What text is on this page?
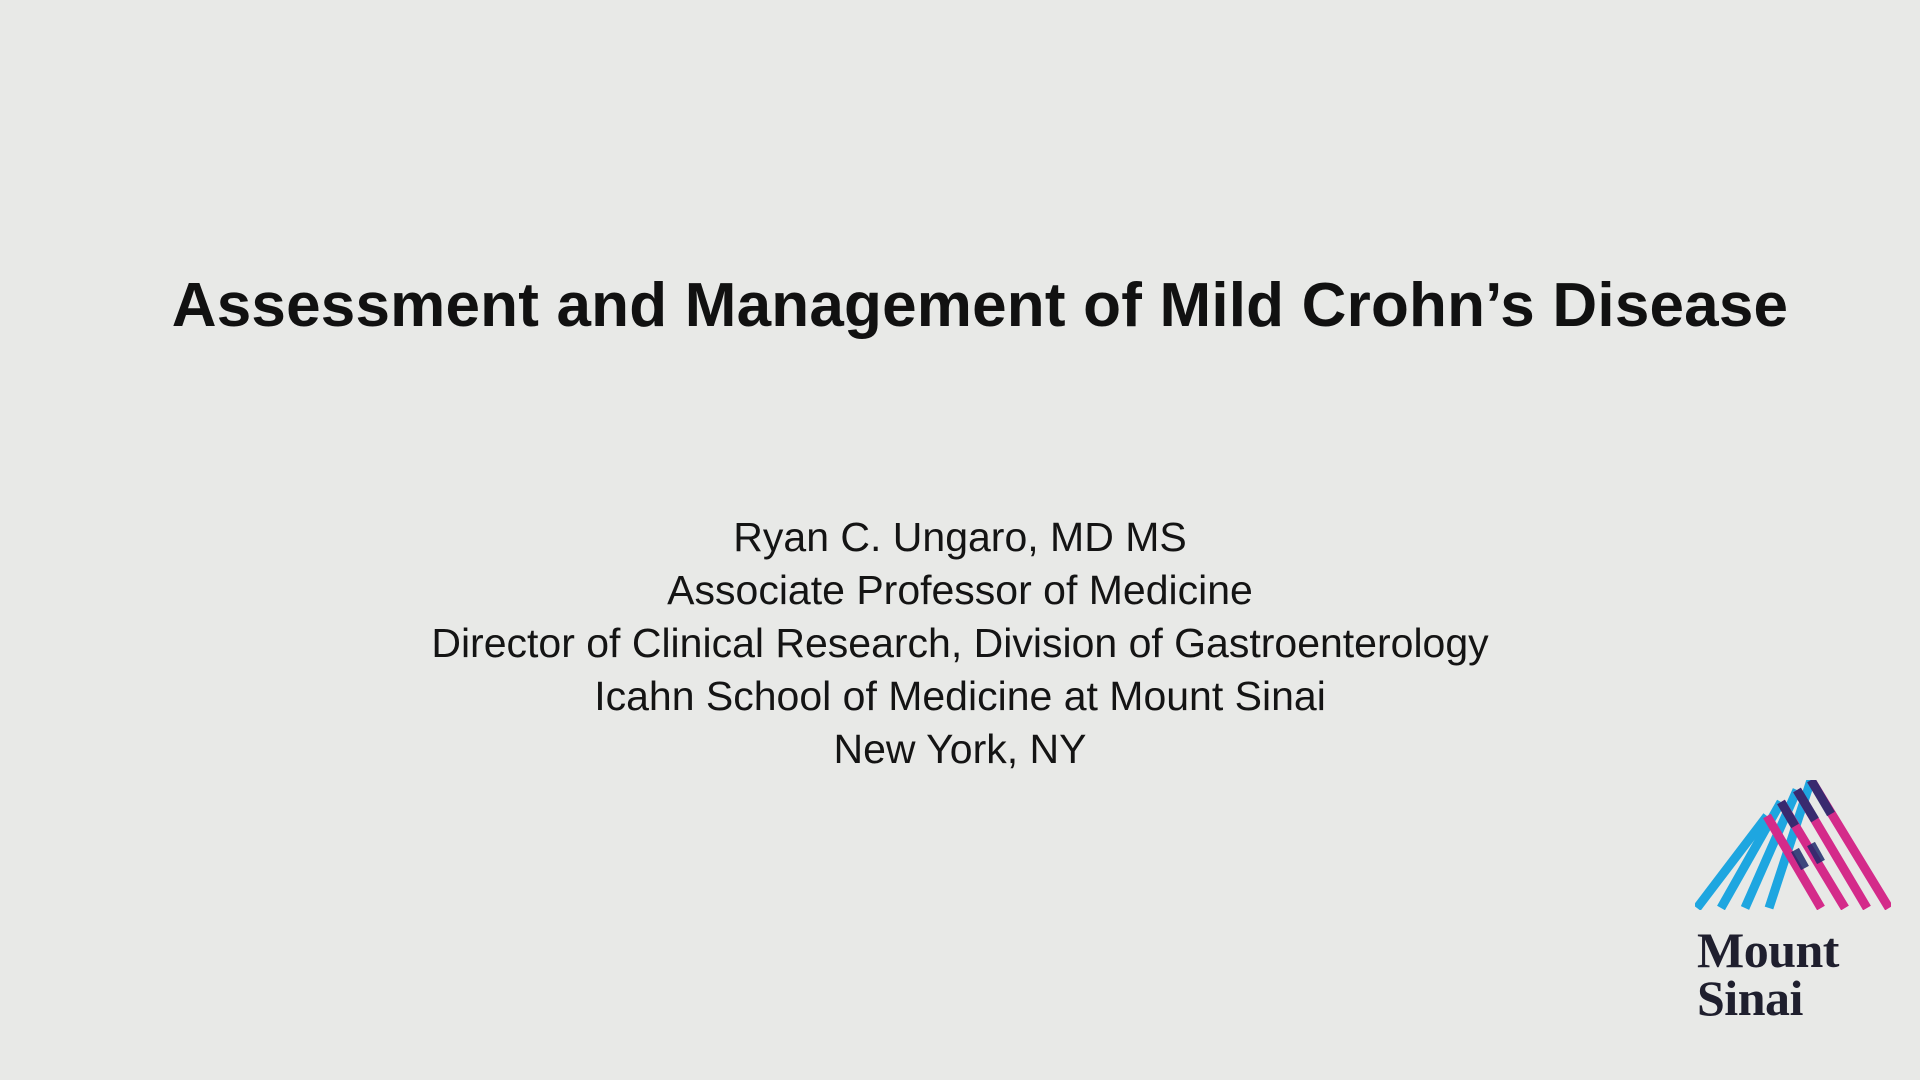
Assessment and Management of Mild Crohn’s Disease
Ryan C. Ungaro, MD MS
Associate Professor of Medicine
Director of Clinical Research, Division of Gastroenterology
Icahn School of Medicine at Mount Sinai
New York, NY
Mount
Sinai
